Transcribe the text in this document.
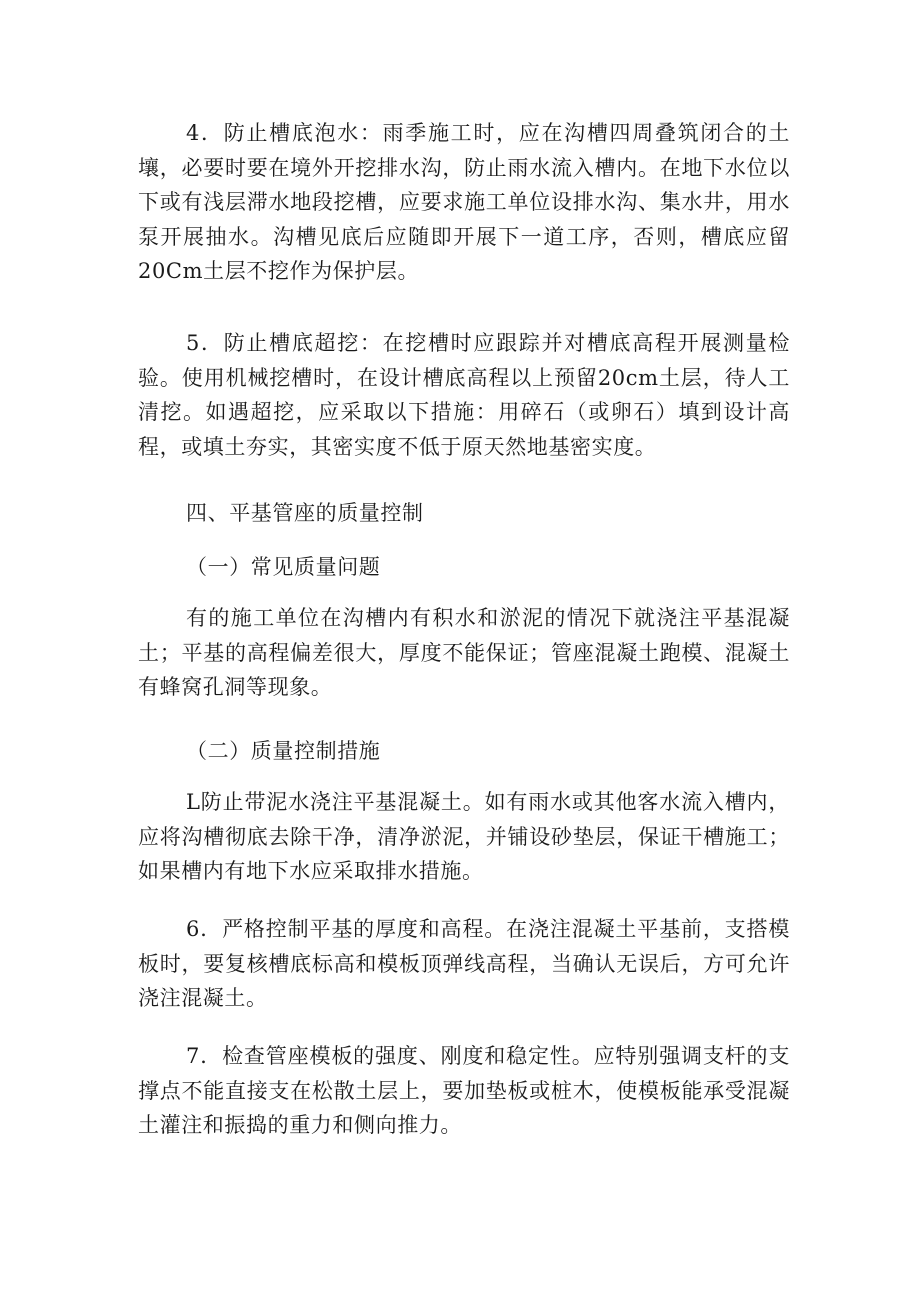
4．防止槽底泡水：雨季施工时，应在沟槽四周叠筑闭合的土壤，必要时要在境外开挖排水沟，防止雨水流入槽内。在地下水位以下或有浅层滞水地段挖槽，应要求施工单位设排水沟、集水井，用水泵开展抽水。沟槽见底后应随即开展下一道工序，否则，槽底应留20Cm土层不挖作为保护层。

5．防止槽底超挖：在挖槽时应跟踪并对槽底高程开展测量检验。使用机械挖槽时，在设计槽底高程以上预留20cm土层，待人工清挖。如遇超挖，应采取以下措施：用碎石（或卵石）填到设计高程，或填土夯实，其密实度不低于原天然地基密实度。

四、平基管座的质量控制

（一）常见质量问题

有的施工单位在沟槽内有积水和淤泥的情况下就浇注平基混凝土；平基的高程偏差很大，厚度不能保证；管座混凝土跑模、混凝土有蜂窝孔洞等现象。

（二）质量控制措施

L防止带泥水浇注平基混凝土。如有雨水或其他客水流入槽内，应将沟槽彻底去除干净，清净淤泥，并铺设砂垫层，保证干槽施工；如果槽内有地下水应采取排水措施。

6．严格控制平基的厚度和高程。在浇注混凝土平基前，支搭模板时，要复核槽底标高和模板顶弹线高程，当确认无误后，方可允许浇注混凝土。

7．检查管座模板的强度、刚度和稳定性。应特别强调支杆的支撑点不能直接支在松散土层上，要加垫板或桩木，使模板能承受混凝土灌注和振捣的重力和侧向推力。
